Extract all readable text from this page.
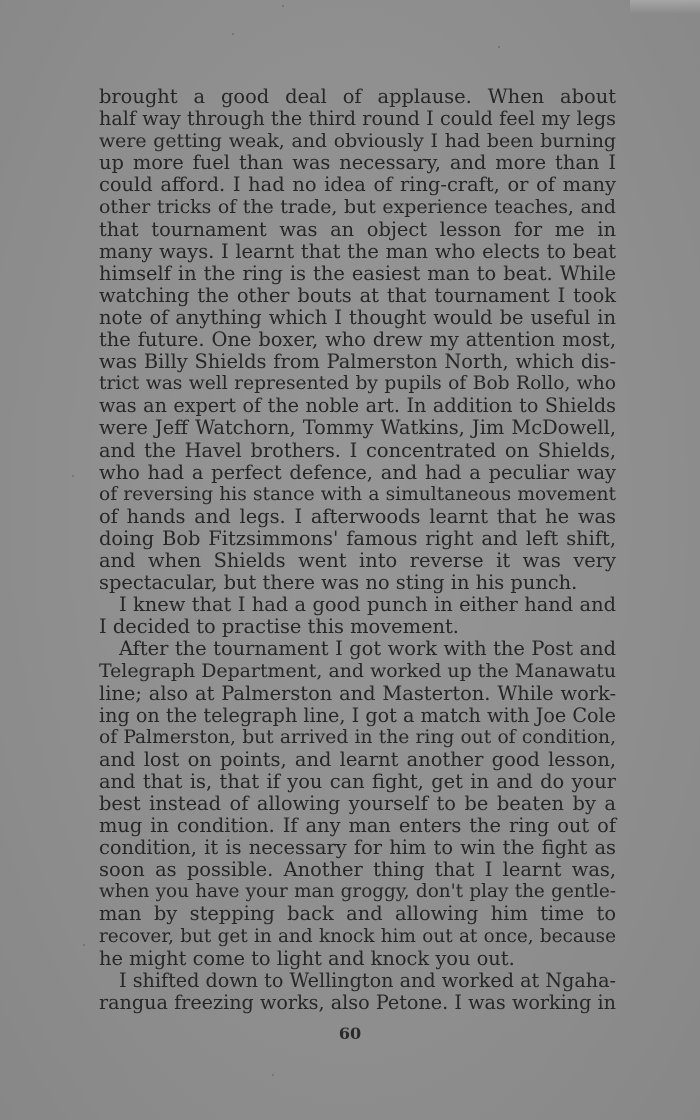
brought a good deal of applause. When about
half way through the third round I could feel my legs
were getting weak, and obviously I had been burning
up more fuel than was necessary, and more than I
could afford. I had no idea of ring-craft, or of many
other tricks of the trade, but experience teaches, and
that tournament was an object lesson for me in
many ways. I learnt that the man who elects to beat
himself in the ring is the easiest man to beat. While
watching the other bouts at that tournament I took
note of anything which I thought would be useful in
the future. One boxer, who drew my attention most,
was Billy Shields from Palmerston North, which dis-
trict was well represented by pupils of Bob Rollo, who
was an expert of the noble art. In addition to Shields
were Jeff Watchorn, Tommy Watkins, Jim McDowell,
and the Havel brothers. I concentrated on Shields,
who had a perfect defence, and had a peculiar way
of reversing his stance with a simultaneous movement
of hands and legs. I afterwoods learnt that he was
doing Bob Fitzsimmons' famous right and left shift,
and when Shields went into reverse it was very
spectacular, but there was no sting in his punch.
I knew that I had a good punch in either hand and
I decided to practise this movement.
After the tournament I got work with the Post and
Telegraph Department, and worked up the Manawatu
line; also at Palmerston and Masterton. While work-
ing on the telegraph line, I got a match with Joe Cole
of Palmerston, but arrived in the ring out of condition,
and lost on points, and learnt another good lesson,
and that is, that if you can fight, get in and do your
best instead of allowing yourself to be beaten by a
mug in condition. If any man enters the ring out of
condition, it is necessary for him to win the fight as
soon as possible. Another thing that I learnt was,
when you have your man groggy, don't play the gentle-
man by stepping back and allowing him time to
recover, but get in and knock him out at once, because
he might come to light and knock you out.
I shifted down to Wellington and worked at Ngaha-
rangua freezing works, also Petone. I was working in
60
